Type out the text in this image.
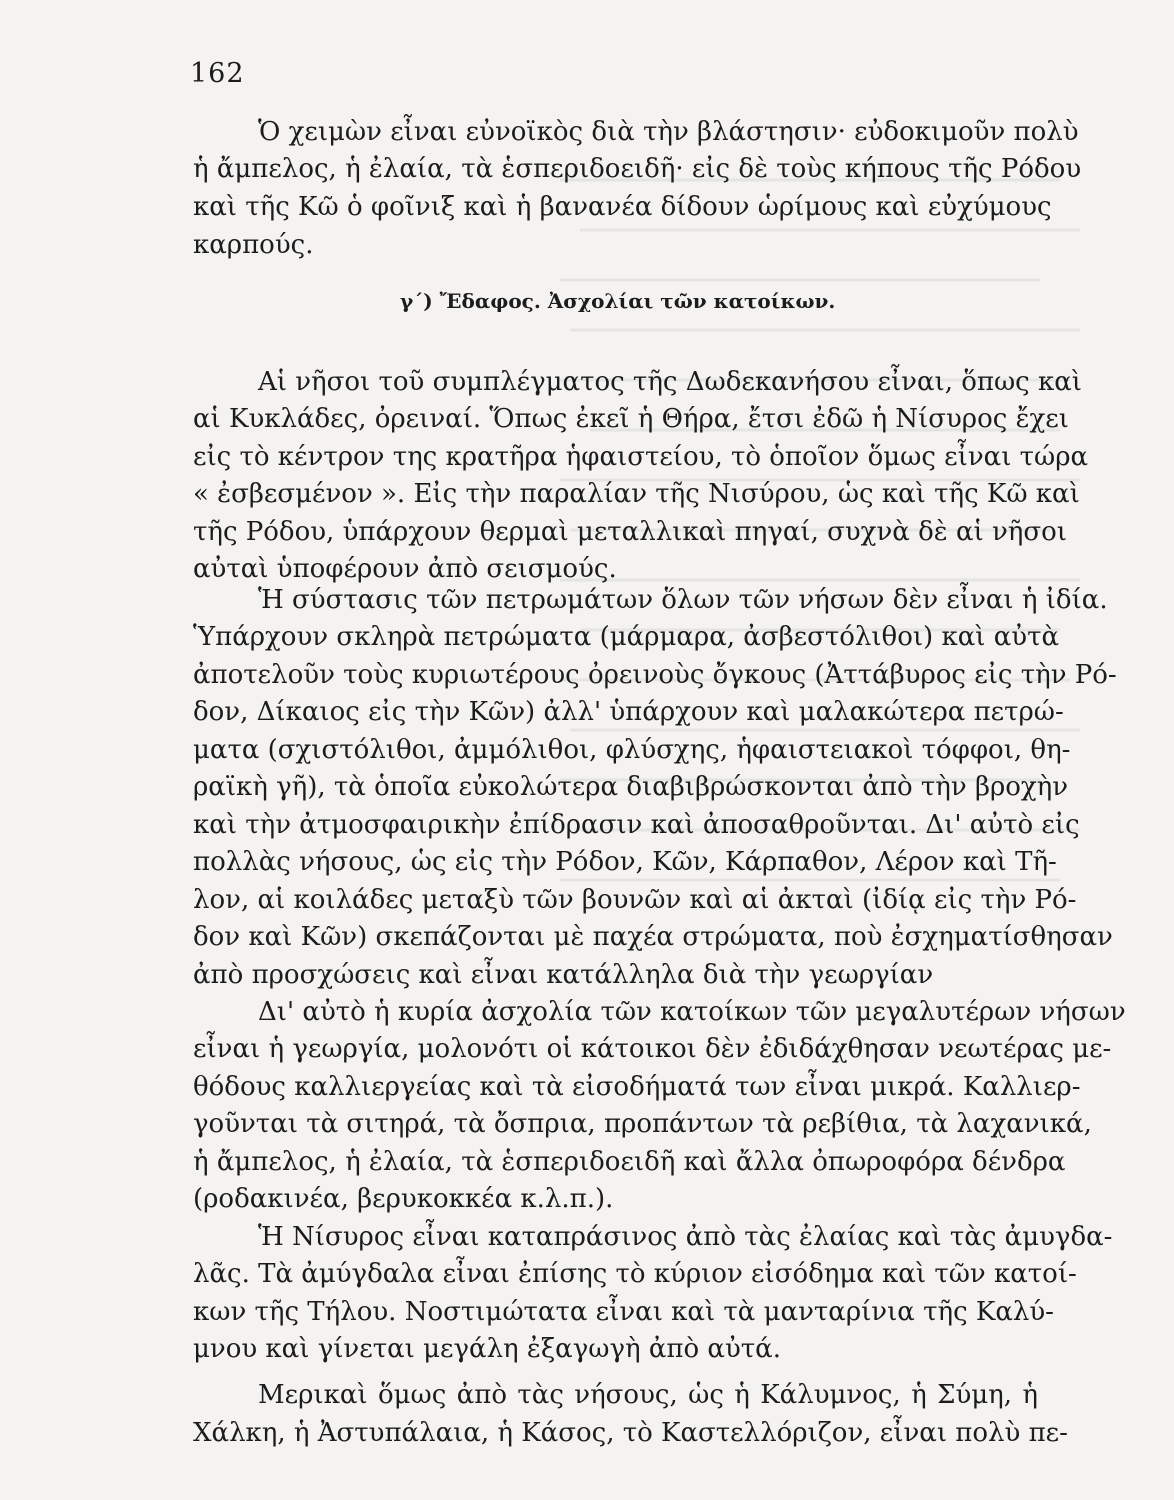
162
Ὁ χειμὼν εἶναι εὐνοϊκὸς διὰ τὴν βλάστησιν· εὐδοκιμοῦν πολὺ
ἡ ἄμπελος, ἡ ἐλαία, τὰ ἑσπεριδοειδῆ· εἰς δὲ τοὺς κήπους τῆς Ρόδου
καὶ τῆς Κῶ ὁ φοῖνιξ καὶ ἡ βανανέα δίδουν ὡρίμους καὶ εὐχύμους
καρπούς.
γ΄) Ἔδαφος. Ἀσχολίαι τῶν κατοίκων.
Αἱ νῆσοι τοῦ συμπλέγματος τῆς Δωδεκανήσου εἶναι, ὅπως καὶ
αἱ Κυκλάδες, ὀρειναί. Ὅπως ἐκεῖ ἡ Θήρα, ἔτσι ἐδῶ ἡ Νίσυρος ἔχει
εἰς τὸ κέντρον της κρατῆρα ἡφαιστείου, τὸ ὁποῖον ὅμως εἶναι τώρα
« ἐσβεσμένον ». Εἰς τὴν παραλίαν τῆς Νισύρου, ὡς καὶ τῆς Κῶ καὶ
τῆς Ρόδου, ὑπάρχουν θερμαὶ μεταλλικαὶ πηγαί, συχνὰ δὲ αἱ νῆσοι
αὐταὶ ὑποφέρουν ἀπὸ σεισμούς.
Ἡ σύστασις τῶν πετρωμάτων ὅλων τῶν νήσων δὲν εἶναι ἡ ἰδία.
Ὑπάρχουν σκληρὰ πετρώματα (μάρμαρα, ἀσβεστόλιθοι) καὶ αὐτὰ
ἀποτελοῦν τοὺς κυριωτέρους ὀρεινοὺς ὄγκους (Ἀττάβυρος εἰς τὴν Ρό-
δον, Δίκαιος εἰς τὴν Κῶν) ἀλλ' ὑπάρχουν καὶ μαλακώτερα πετρώ-
ματα (σχιστόλιθοι, ἀμμόλιθοι, φλύσχης, ἡφαιστειακοὶ τόφφοι, θη-
ραϊκὴ γῆ), τὰ ὁποῖα εὐκολώτερα διαβιβρώσκονται ἀπὸ τὴν βροχὴν
καὶ τὴν ἀτμοσφαιρικὴν ἐπίδρασιν καὶ ἀποσαθροῦνται. Δι' αὐτὸ εἰς
πολλὰς νήσους, ὡς εἰς τὴν Ρόδον, Κῶν, Κάρπαθον, Λέρον καὶ Τῆ-
λον, αἱ κοιλάδες μεταξὺ τῶν βουνῶν καὶ αἱ ἀκταὶ (ἰδίᾳ εἰς τὴν Ρό-
δον καὶ Κῶν) σκεπάζονται μὲ παχέα στρώματα, ποὺ ἐσχηματίσθησαν
ἀπὸ προσχώσεις καὶ εἶναι κατάλληλα διὰ τὴν γεωργίαν
Δι' αὐτὸ ἡ κυρία ἀσχολία τῶν κατοίκων τῶν μεγαλυτέρων νήσων
εἶναι ἡ γεωργία, μολονότι οἱ κάτοικοι δὲν ἐδιδάχθησαν νεωτέρας με-
θόδους καλλιεργείας καὶ τὰ εἰσοδήματά των εἶναι μικρά. Καλλιερ-
γοῦνται τὰ σιτηρά, τὰ ὄσπρια, προπάντων τὰ ρεβίθια, τὰ λαχανικά,
ἡ ἄμπελος, ἡ ἐλαία, τὰ ἑσπεριδοειδῆ καὶ ἄλλα ὀπωροφόρα δένδρα
(ροδακινέα, βερυκοκκέα κ.λ.π.).
Ἡ Νίσυρος εἶναι καταπράσινος ἀπὸ τὰς ἐλαίας καὶ τὰς ἀμυγδα-
λᾶς. Τὰ ἀμύγδαλα εἶναι ἐπίσης τὸ κύριον εἰσόδημα καὶ τῶν κατοί-
κων τῆς Τήλου. Νοστιμώτατα εἶναι καὶ τὰ μανταρίνια τῆς Καλύ-
μνου καὶ γίνεται μεγάλη ἐξαγωγὴ ἀπὸ αὐτά.
Μερικαὶ ὅμως ἀπὸ τὰς νήσους, ὡς ἡ Κάλυμνος, ἡ Σύμη, ἡ
Χάλκη, ἡ Ἀστυπάλαια, ἡ Κάσος, τὸ Καστελλόριζον, εἶναι πολὺ πε-
